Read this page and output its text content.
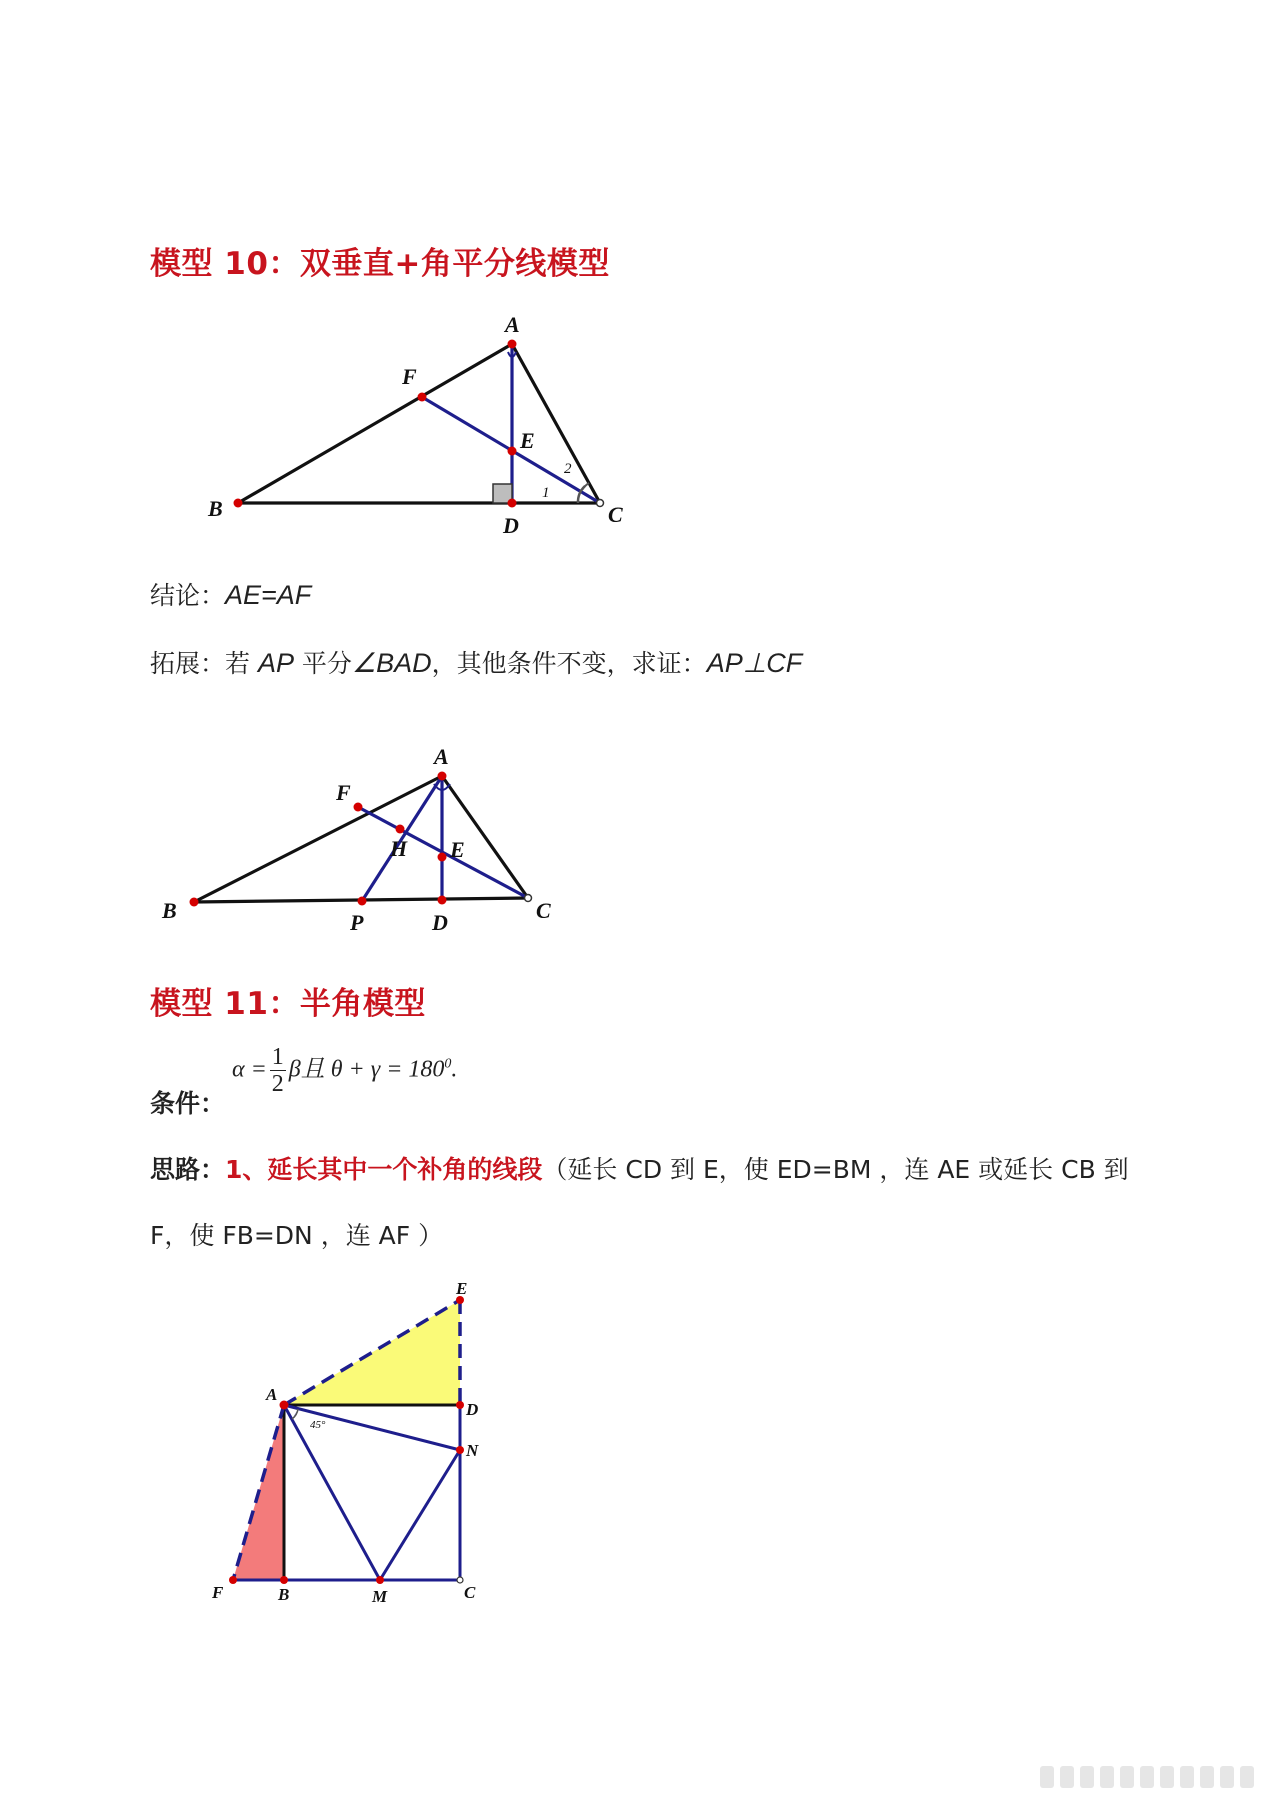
模型 10：双垂直+角平分线模型
A
B	C
D
E
F
1
2
结论：AE=AF
拓展：若 AP 平分∠BAD，其他条件不变，求证：AP⊥CF
A
B	C
D
E
F
H
P
模型 11：半角模型
条件：
$\alpha = \frac{1}{2}$ β且 $\theta + \gamma = 180^0$.
思路：1、延长其中一个补角的线段（延长 CD 到 E，使 ED=BM ，连 AE 或延长 CB 到
F，使 FB=DN ，连 AF ）
A
E
D
N
C
M
B
F
45°
